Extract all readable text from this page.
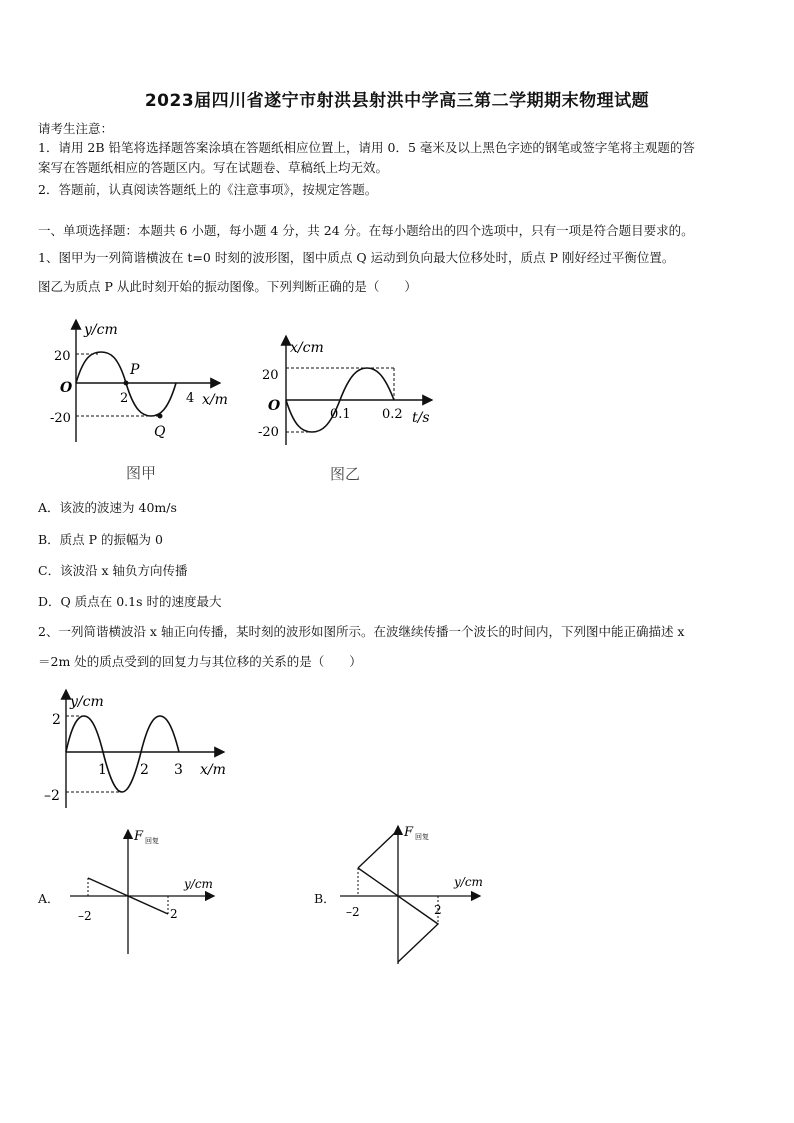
2023届四川省遂宁市射洪县射洪中学高三第二学期期末物理试题
请考生注意：
1．请用 2B 铅笔将选择题答案涂填在答题纸相应位置上，请用 0．5 毫米及以上黑色字迹的钢笔或签字笔将主观题的答
案写在答题纸相应的答题区内。写在试题卷、草稿纸上均无效。
2．答题前，认真阅读答题纸上的《注意事项》，按规定答题。
一、单项选择题：本题共 6 小题，每小题 4 分，共 24 分。在每小题给出的四个选项中，只有一项是符合题目要求的。
1、图甲为一列简谐横波在 t=0 时刻的波形图，图中质点 Q 运动到负向最大位移处时，质点 P 刚好经过平衡位置。
图乙为质点 P 从此时刻开始的振动图像。下列判断正确的是（　　）
y/cm
x/m
O
20
-20
P
2	4
Q
图甲
x/cm
t/s
O
20
-20
0.1 0.2
图乙
A．该波的波速为 40m/s
B．质点 P 的振幅为 0
C．该波沿 x 轴负方向传播
D．Q 质点在 0.1s 时的速度最大
2、一列简谐横波沿 x 轴正向传播，某时刻的波形如图所示。在波继续传播一个波长的时间内，下列图中能正确描述 x
＝2m 处的质点受到的回复力与其位移的关系的是（　　）
y/cm
x/m
2
–2
1 2 3
A．
F 回复
y/cm
–2	2
B．
F 回复
y/cm
–2	2
